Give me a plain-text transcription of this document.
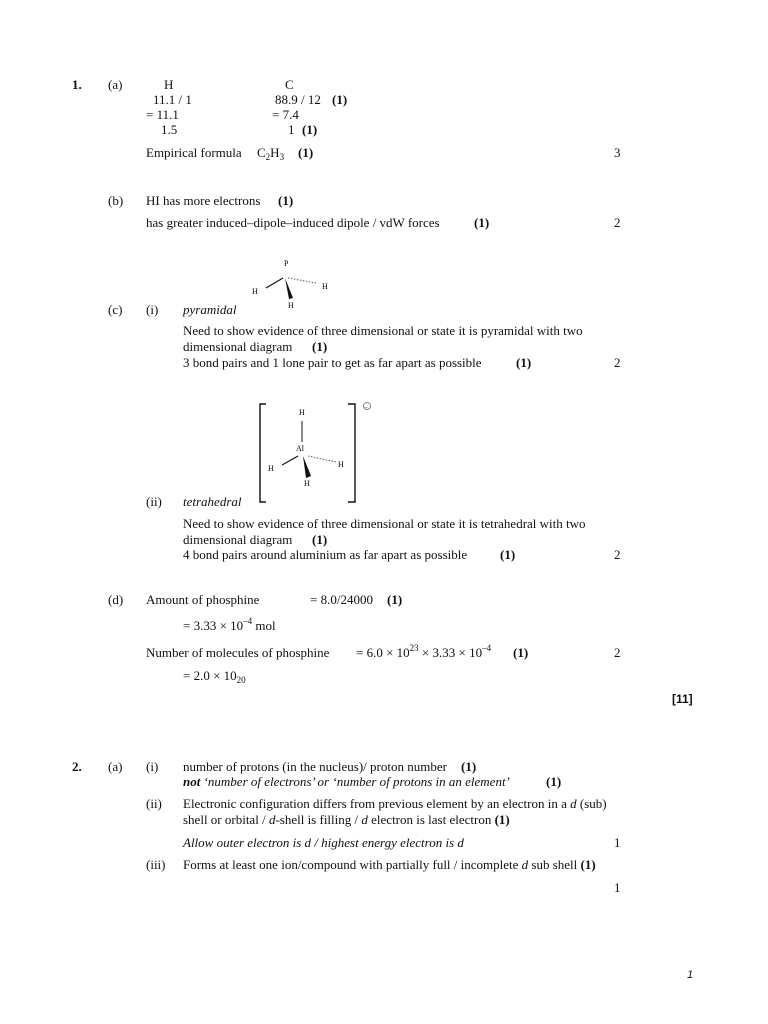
1. (a)	H	C
11.1 / 1	88.9 / 12 (1)
= 11.1	= 7.4
1.5	1 (1)
Empirical formula $C_2H_3$ (1)	3
(b) HI has more electrons (1)
has greater induced–dipole–induced dipole / vdW forces	(1)	2
P
H
H
H
(c) (i) pyramidal
Need to show evidence of three dimensional or state it is pyramidal with two
dimensional diagram (1)
3 bond pairs and 1 lone pair to get as far apart as possible	(1)	2
–
H
Al
H	H
H
(ii) tetrahedral
Need to show evidence of three dimensional or state it is tetrahedral with two
dimensional diagram (1)
4 bond pairs around aluminium as far apart as possible	(1)	2
(d) Amount of phosphine	= 8.0/24000 (1)
= $3.33 \times 10^{-4}$ mol
Number of molecules of phosphine = $6.0 \times 10^{23} \times 3.33 \times 10^{-4}$ (1)	2
= $2.0 \times 10_{20}$
[11]
2. (a) (i) number of protons (in the nucleus)/ proton number (1)
not ‘number of electrons’ or ‘number of protons in an element’	(1)
(ii) Electronic configuration differs from previous element by an electron in a d (sub)
shell or orbital / d-shell is filling / d electron is last electron (1)
Allow outer electron is d / highest energy electron is d	1
(iii) Forms at least one ion/compound with partially full / incomplete d sub shell (1)
1
1
